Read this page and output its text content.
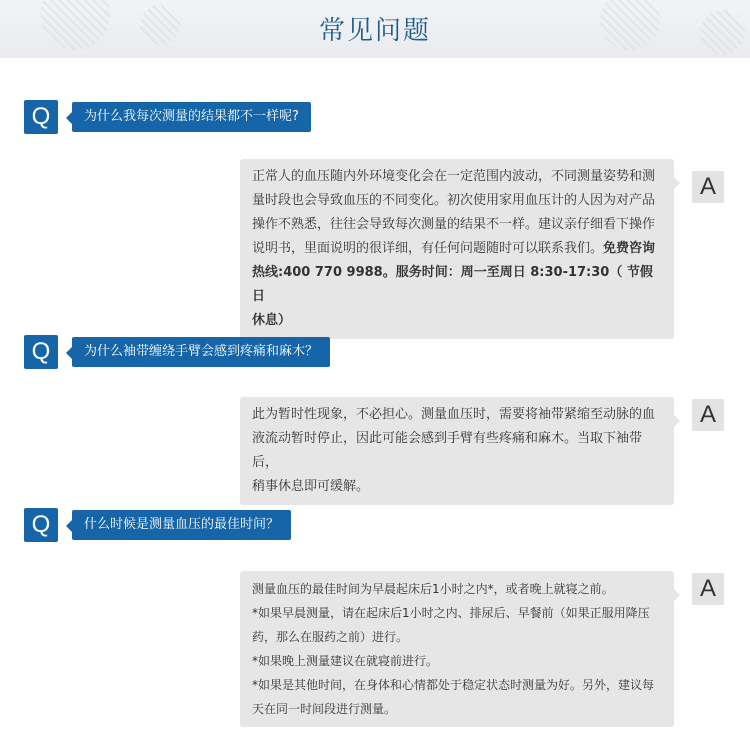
常见问题
Q	为什么我每次测量的结果都不一样呢?
正常人的血压随内外环境变化会在一定范围内波动，不同测量姿势和测
量时段也会导致血压的不同变化。初次使用家用血压计的人因为对产品
操作不熟悉，往往会导致每次测量的结果不一样。建议亲仔细看下操作
说明书，里面说明的很详细，有任何问题随时可以联系我们。免费咨询
热线:400 770 9988。服务时间：周一至周日 8:30-17:30（ 节假日
休息）
A
Q	为什么袖带缠绕手臂会感到疼痛和麻木？
此为暂时性现象，不必担心。测量血压时，需要将袖带紧缩至动脉的血
液流动暂时停止，因此可能会感到手臂有些疼痛和麻木。当取下袖带后，
稍事休息即可缓解。
A
Q	什么时候是测量血压的最佳时间？
测量血压的最佳时间为早晨起床后1小时之内*，或者晚上就寝之前。
*如果早晨测量，请在起床后1小时之内、排尿后、早餐前（如果正服用降压
药，那么在服药之前）进行。
*如果晚上测量建议在就寝前进行。
*如果是其他时间，在身体和心情都处于稳定状态时测量为好。另外，建议每
天在同一时间段进行测量。
A
